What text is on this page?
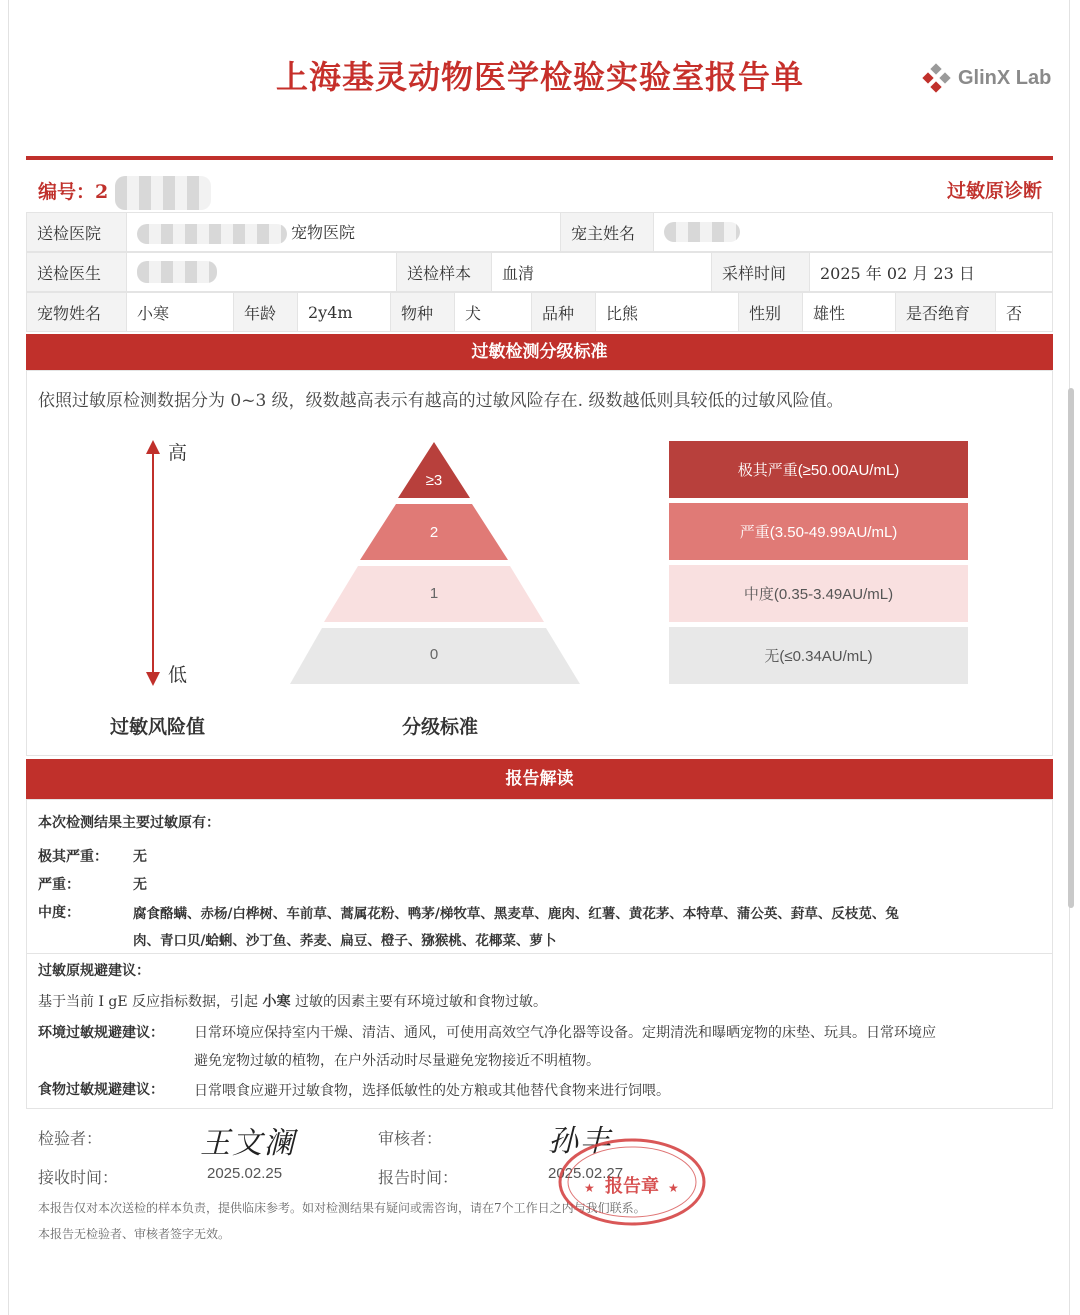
上海基灵动物医学检验实验室报告单	GlinX Lab
编号：2	过敏原诊断
送检医院	宠物医院	宠主姓名	
送检医生		送检样本	血清	采样时间	2025 年 02 月 23 日
宠物姓名	小寒	年龄	2y4m	物种	犬	品种	比熊	性别	雄性	是否绝育	否
过敏检测分级标准
依照过敏原检测数据分为 0~3 级，级数越高表示有越高的过敏风险存在. 级数越低则具较低的过敏风险值。
高
低
≥3
2
1
0
极其严重(≥50.00AU/mL)
严重(3.50-49.99AU/mL)
中度(0.35-3.49AU/mL)
无(≤0.34AU/mL)
过敏风险值	分级标准
报告解读
本次检测结果主要过敏原有：
极其严重： 无
严重：	无
中度：	腐食酪螨、赤杨/白桦树、车前草、蒿属花粉、鸭茅/梯牧草、黑麦草、鹿肉、红薯、黄花茅、本特草、蒲公英、葑草、反枝苋、兔
肉、青口贝/蛤蜊、沙丁鱼、荞麦、扁豆、橙子、猕猴桃、花椰菜、萝卜
过敏原规避建议：
基于当前 I gE 反应指标数据，引起 小寒 过敏的因素主要有环境过敏和食物过敏。
环境过敏规避建议： 日常环境应保持室内干燥、清洁、通风，可使用高效空气净化器等设备。定期清洗和曝晒宠物的床垫、玩具。日常环境应
避免宠物过敏的植物，在户外活动时尽量避免宠物接近不明植物。
食物过敏规避建议： 日常喂食应避开过敏食物，选择低敏性的处方粮或其他替代食物来进行饲喂。
检验者：	王文澜	审核者：	孙丰
接收时间：	2025.02.25	报告时间：	2025.02.27
本报告仅对本次送检的样本负责，提供临床参考。如对检测结果有疑问或需咨询，请在7个工作日之内与我们联系。
本报告无检验者、审核者签字无效。
报告章
★	★
